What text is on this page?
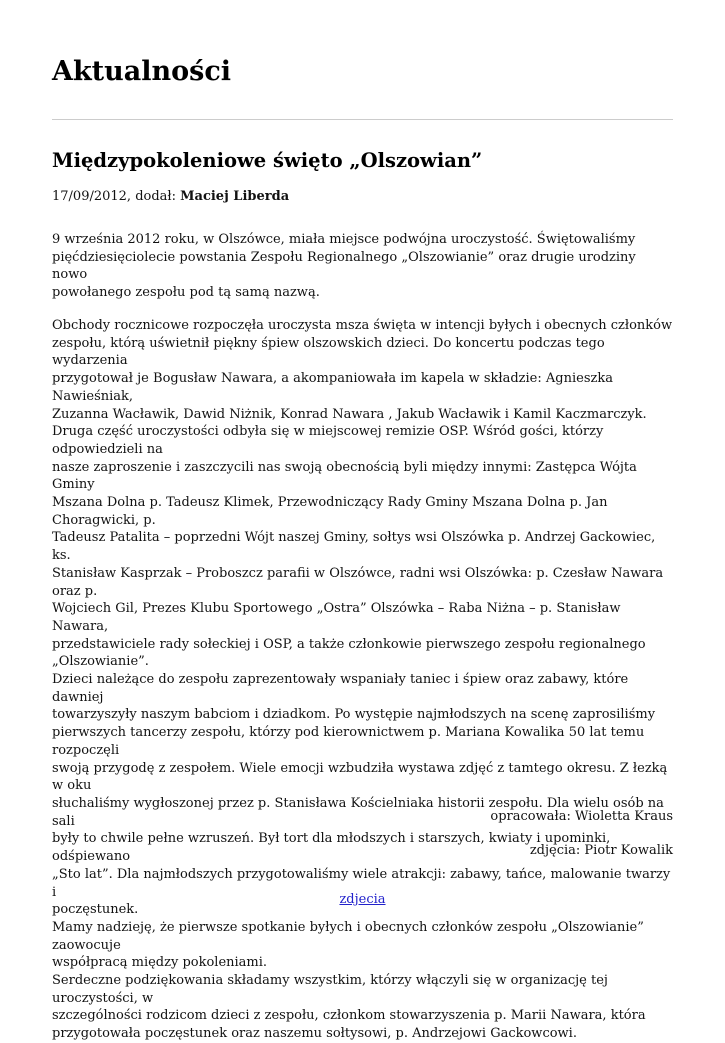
Aktualności
Międzypokoleniowe święto „Olszowian”
17/09/2012, dodał: Maciej Liberda
9 września 2012 roku, w Olszówce, miała miejsce podwójna uroczystość. Świętowaliśmy
pięćdziesięciolecie powstania Zespołu Regionalnego „Olszowianie” oraz drugie urodziny nowo
powołanego zespołu pod tą samą nazwą.
Obchody rocznicowe rozpoczęła uroczysta msza święta w intencji byłych i obecnych członków
zespołu, którą uświetnił piękny śpiew olszowskich dzieci. Do koncertu podczas tego wydarzenia
przygotował je Bogusław Nawara, a akompaniowała im kapela w składzie: Agnieszka Nawieśniak,
Zuzanna Wacławik, Dawid Niżnik, Konrad Nawara , Jakub Wacławik i Kamil Kaczmarczyk.
Druga część uroczystości odbyła się w miejscowej remizie OSP. Wśród gości, którzy odpowiedzieli na
nasze zaproszenie i zaszczycili nas swoją obecnością byli między innymi: Zastępca Wójta Gminy
Mszana Dolna p. Tadeusz Klimek, Przewodniczący Rady Gminy Mszana Dolna p. Jan Choragwicki, p.
Tadeusz Patalita – poprzedni Wójt naszej Gminy, sołtys wsi Olszówka p. Andrzej Gackowiec, ks.
Stanisław Kasprzak – Proboszcz parafii w Olszówce, radni wsi Olszówka: p. Czesław Nawara oraz p.
Wojciech Gil, Prezes Klubu Sportowego „Ostra” Olszówka – Raba Niżna – p. Stanisław Nawara,
przedstawiciele rady sołeckiej i OSP, a także członkowie pierwszego zespołu regionalnego
„Olszowianie”.
Dzieci należące do zespołu zaprezentowały wspaniały taniec i śpiew oraz zabawy, które dawniej
towarzyszyły naszym babciom i dziadkom. Po występie najmłodszych na scenę zaprosiliśmy
pierwszych tancerzy zespołu, którzy pod kierownictwem p. Mariana Kowalika 50 lat temu rozpoczęli
swoją przygodę z zespołem. Wiele emocji wzbudziła wystawa zdjęć z tamtego okresu. Z łezką w oku
słuchaliśmy wygłoszonej przez p. Stanisława Kościelniaka historii zespołu. Dla wielu osób na sali
były to chwile pełne wzruszeń. Był tort dla młodszych i starszych, kwiaty i upominki, odśpiewano
„Sto lat”. Dla najmłodszych przygotowaliśmy wiele atrakcji: zabawy, tańce, malowanie twarzy i
poczęstunek.
Mamy nadzieję, że pierwsze spotkanie byłych i obecnych członków zespołu „Olszowianie” zaowocuje
współpracą między pokoleniami.
Serdeczne podziękowania składamy wszystkim, którzy włączyli się w organizację tej uroczystości, w
szczególności rodzicom dzieci z zespołu, członkom stowarzyszenia p. Marii Nawara, która
przygotowała poczęstunek oraz naszemu sołtysowi, p. Andrzejowi Gackowcowi.
opracowała: Wioletta Kraus
zdjęcia: Piotr Kowalik
zdjecia
